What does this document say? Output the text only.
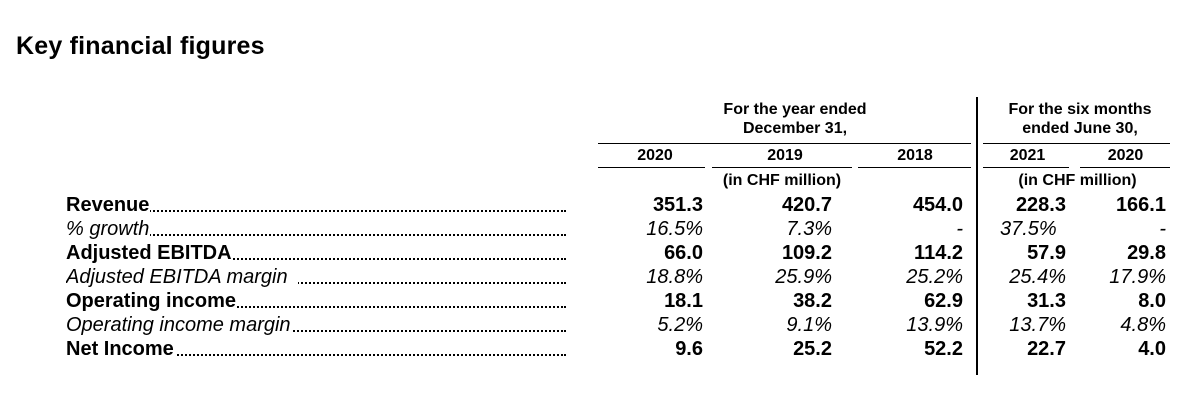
Key financial figures
For the year ended
December 31,
For the six months
ended June 30,
2020	2019	2018	2021	2020
(in CHF million)	(in CHF million)
Revenue	351.3	420.7	454.0	228.3	166.1
% growth	16.5%	7.3%	-	37.5%	-
Adjusted EBITDA	66.0	109.2	114.2	57.9	29.8
Adjusted EBITDA margin	18.8%	25.9%	25.2%	25.4%	17.9%
Operating income	18.1	38.2	62.9	31.3	8.0
Operating income margin	5.2%	9.1%	13.9%	13.7%	4.8%
Net Income	9.6	25.2	52.2	22.7	4.0
